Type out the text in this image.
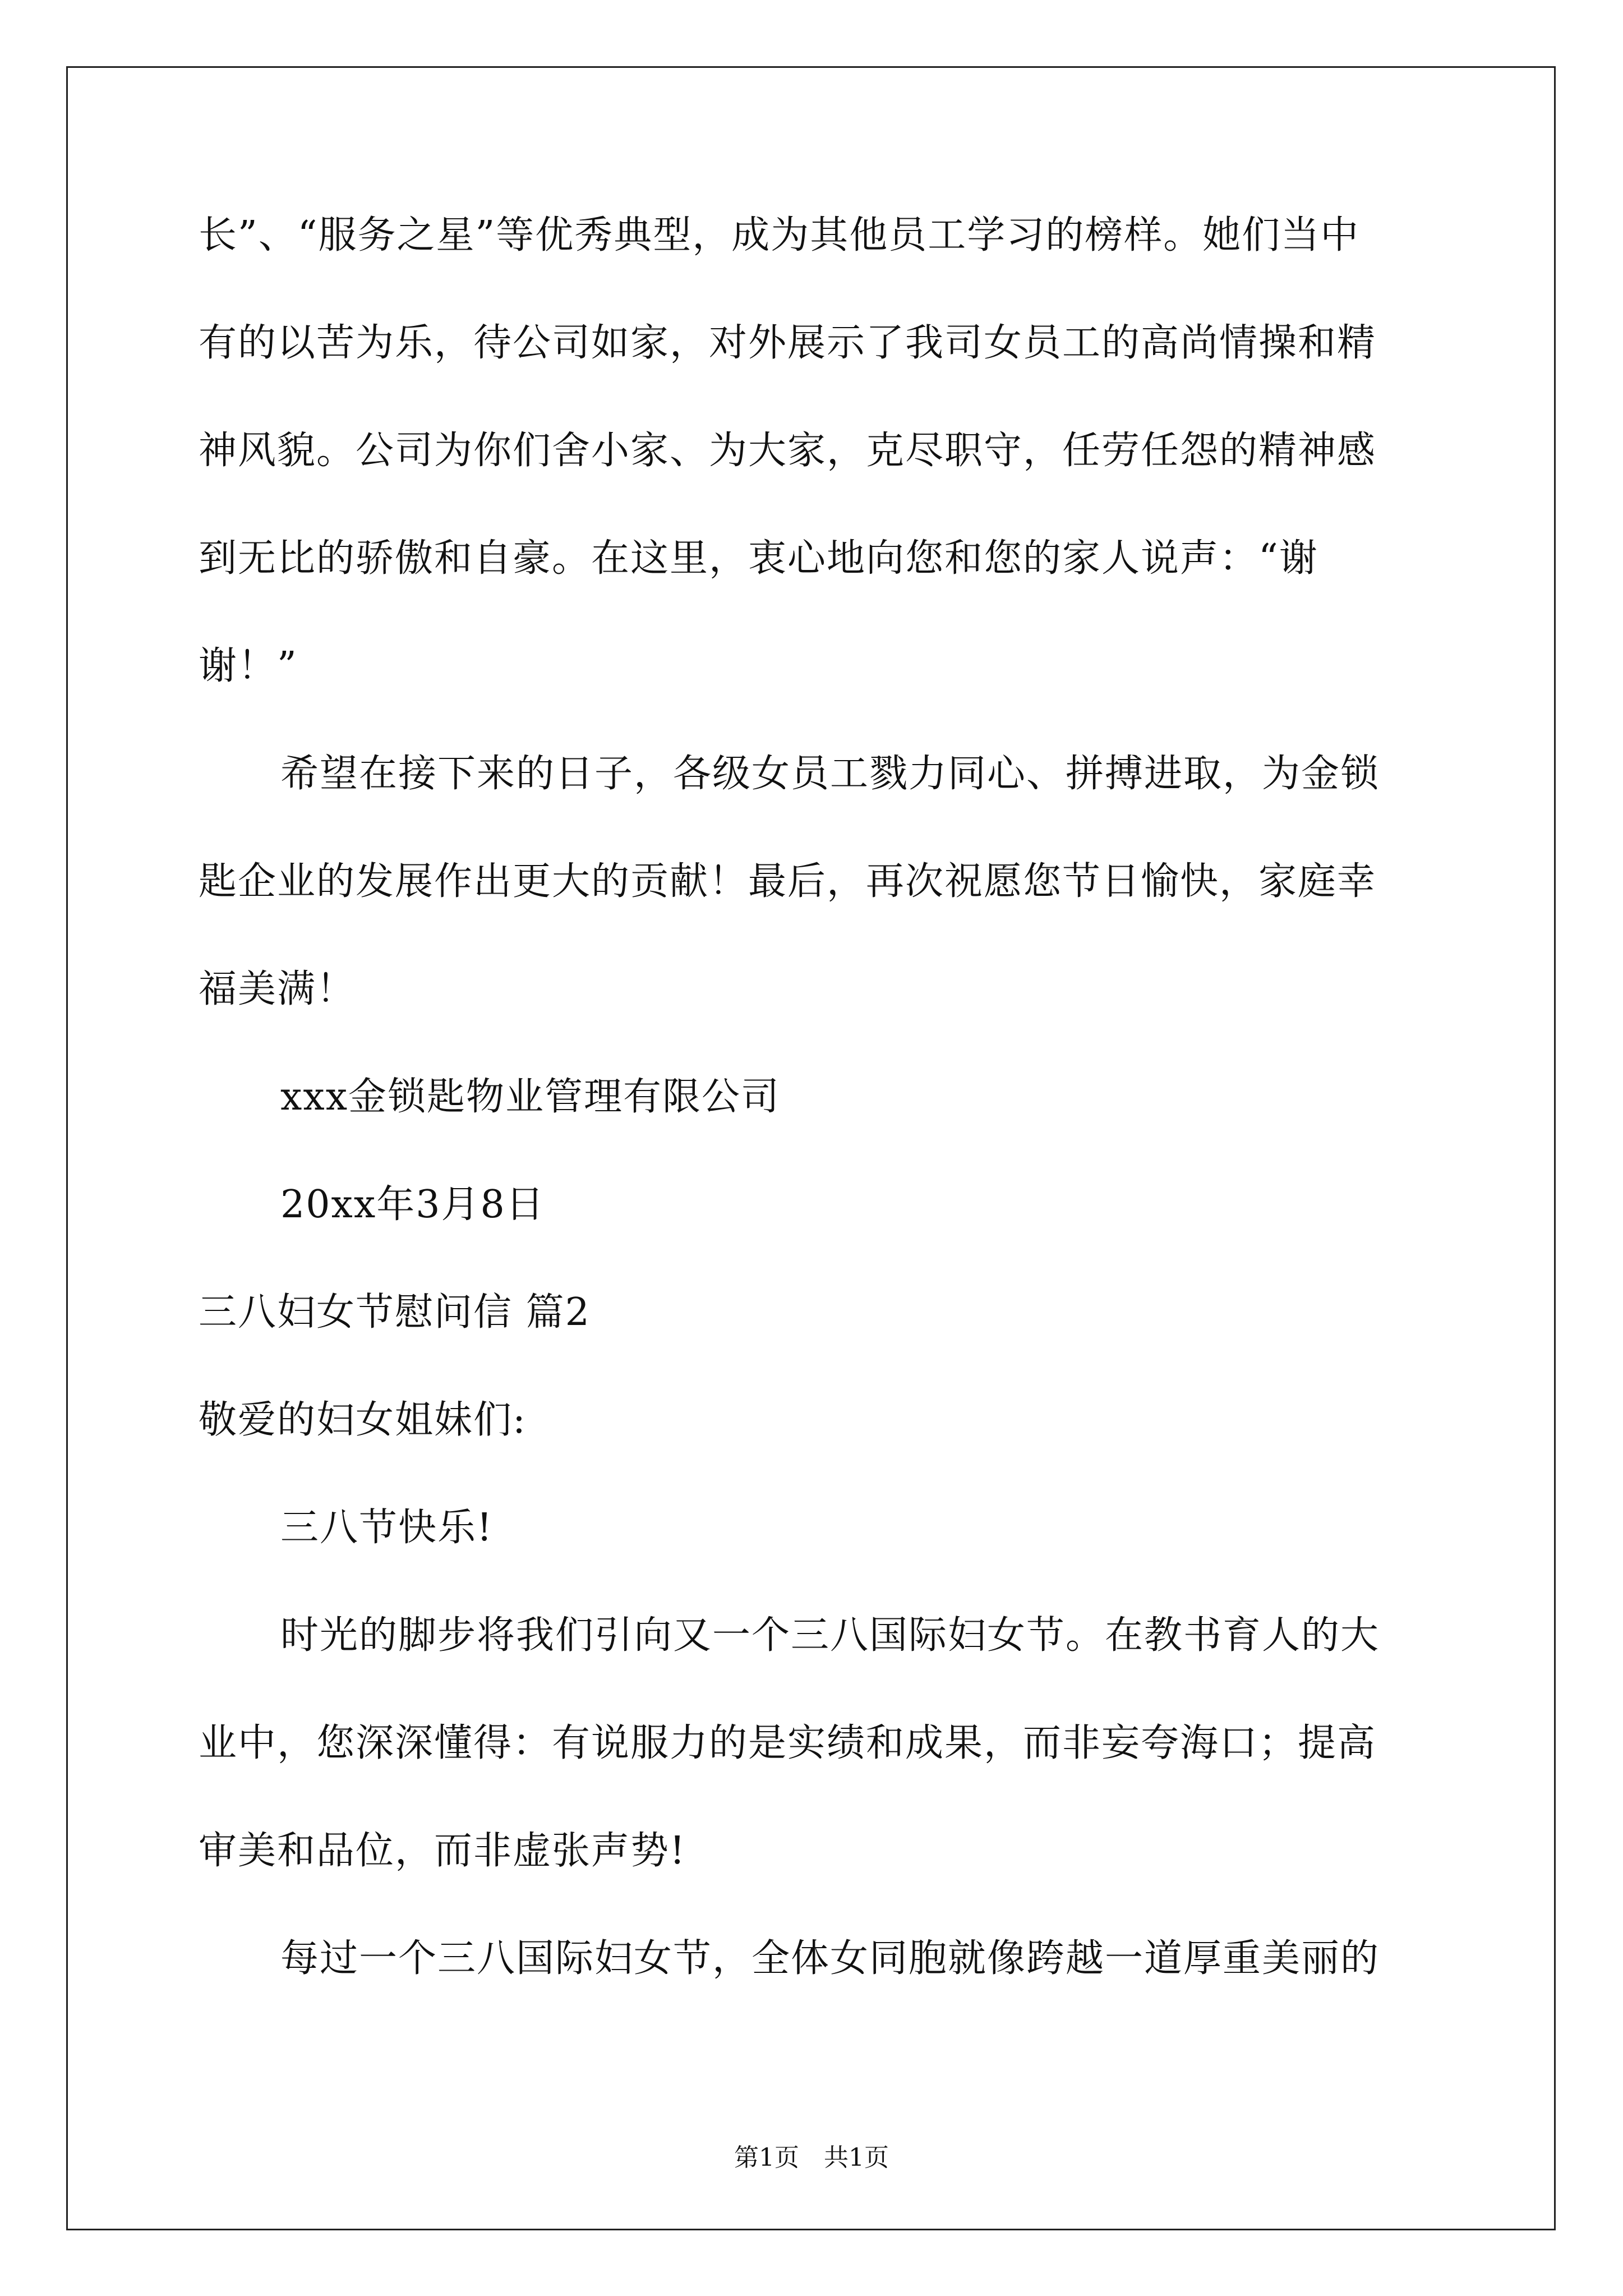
长”、“服务之星”等优秀典型，成为其他员工学习的榜样。她们当中
有的以苦为乐，待公司如家，对外展示了我司女员工的高尚情操和精
神风貌。公司为你们舍小家、为大家，克尽职守，任劳任怨的精神感
到无比的骄傲和自豪。在这里，衷心地向您和您的家人说声：“谢
谢！”
希望在接下来的日子，各级女员工戮力同心、拼搏进取，为金锁
匙企业的发展作出更大的贡献！最后，再次祝愿您节日愉快，家庭幸
福美满！
xxx金锁匙物业管理有限公司
20xx年3月8日
三八妇女节慰问信 篇2
敬爱的妇女姐妹们:
三八节快乐!
时光的脚步将我们引向又一个三八国际妇女节。在教书育人的大
业中，您深深懂得：有说服力的是实绩和成果，而非妄夸海口；提高
审美和品位，而非虚张声势!
每过一个三八国际妇女节，全体女同胞就像跨越一道厚重美丽的
第1页　共1页
